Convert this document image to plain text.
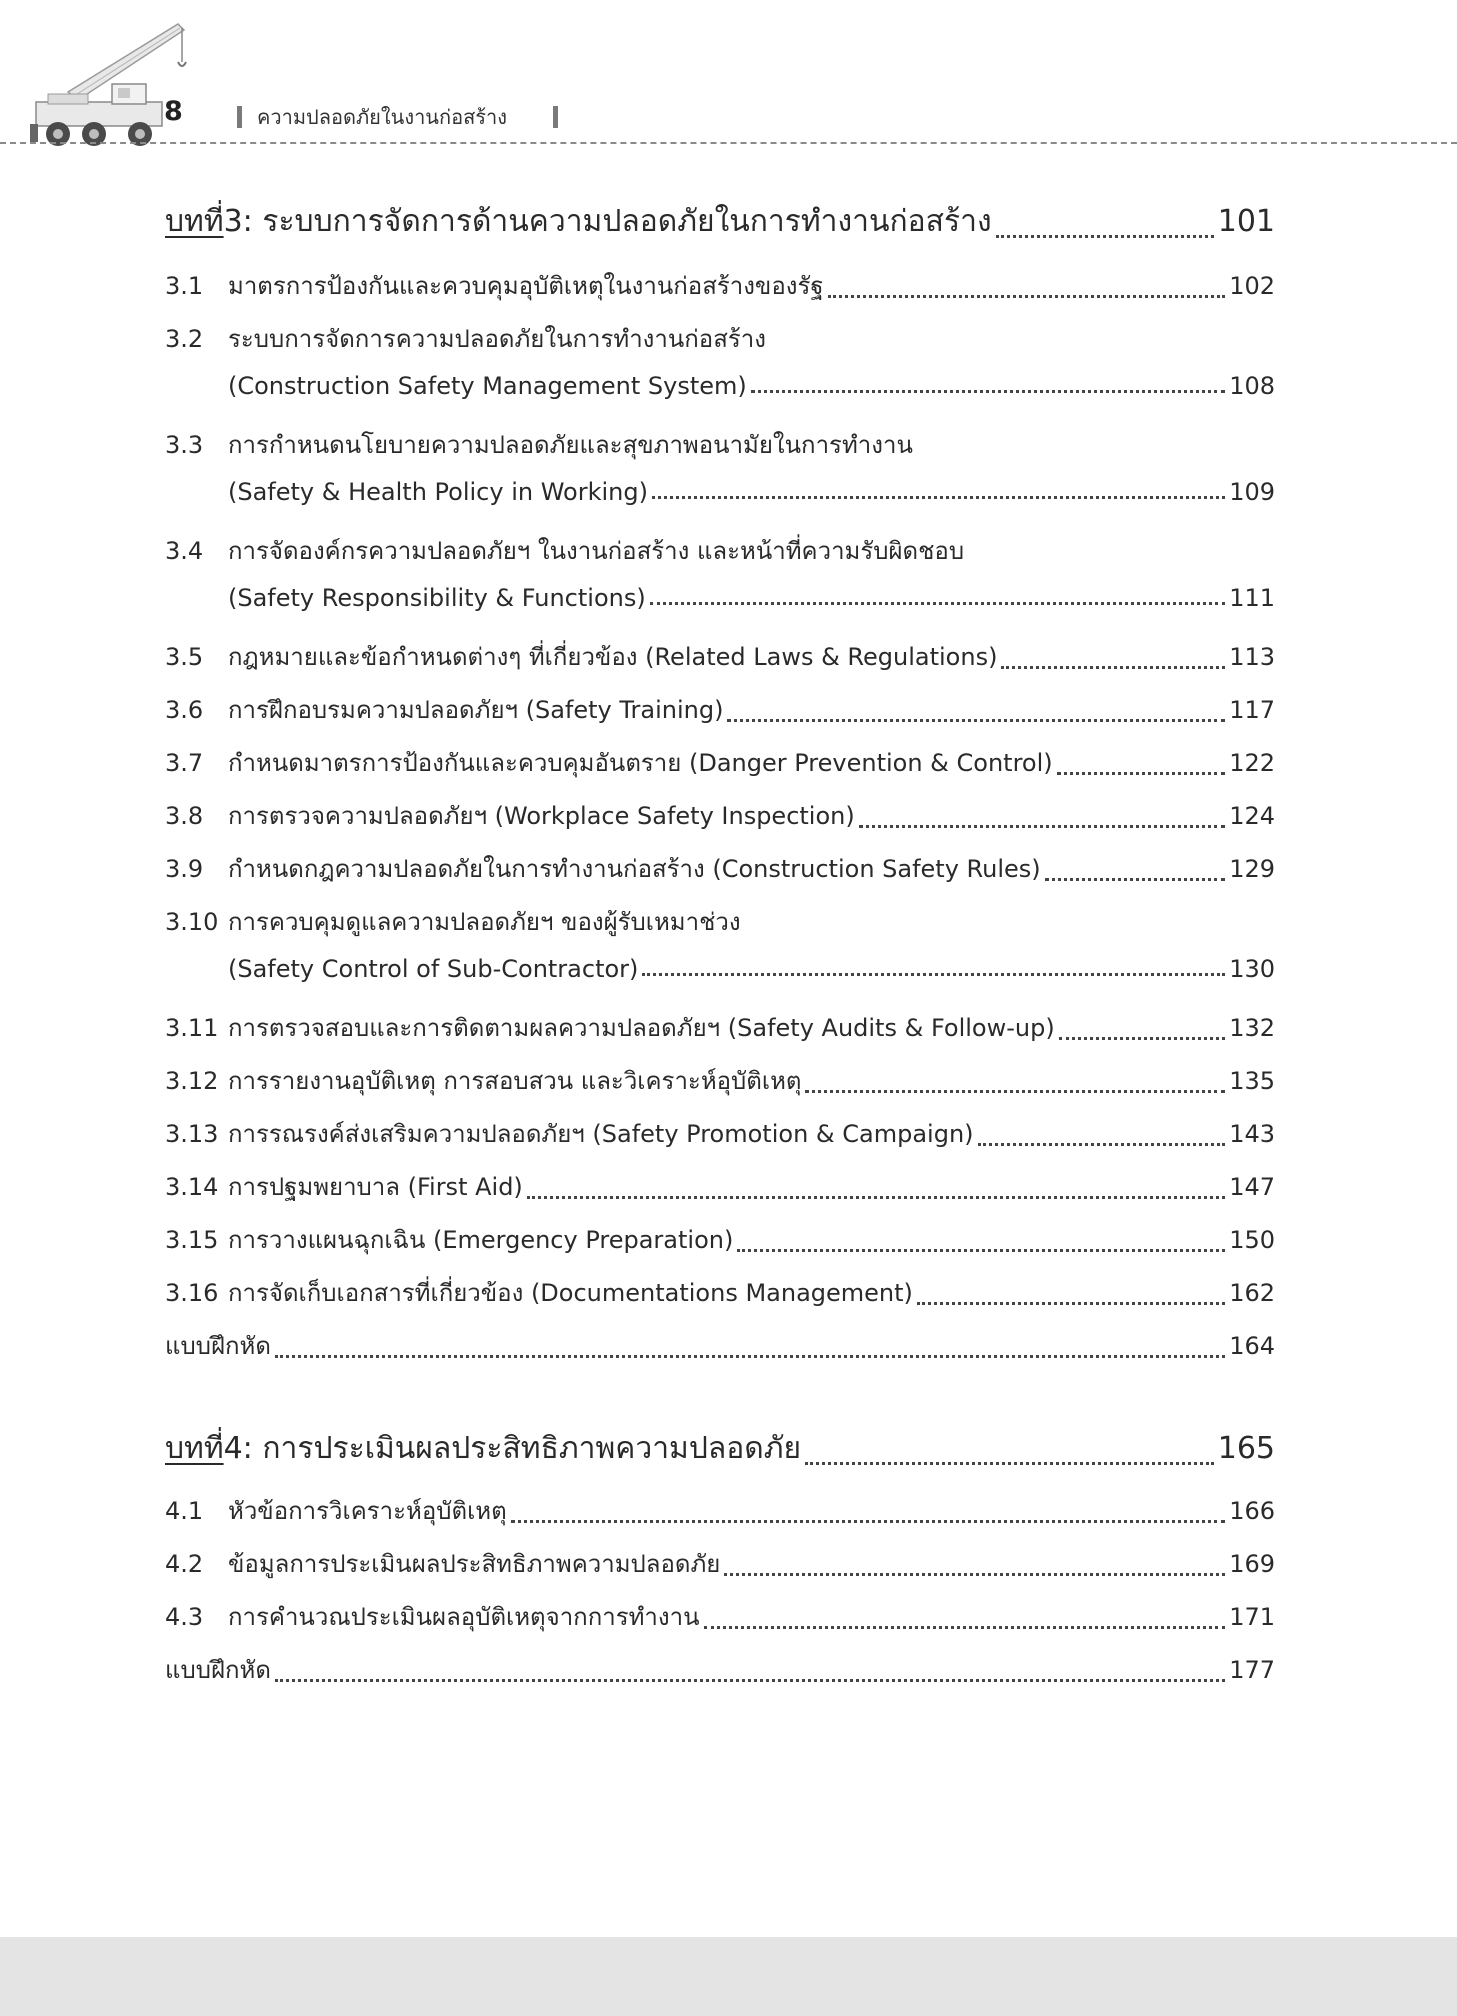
8	ความปลอดภัยในงานก่อสร้าง
บทที่ 3: ระบบการจัดการด้านความปลอดภัยในการทำงานก่อสร้าง	101
3.1	มาตรการป้องกันและควบคุมอุบัติเหตุในงานก่อสร้างของรัฐ	102
3.2	ระบบการจัดการความปลอดภัยในการทำงานก่อสร้าง
(Construction Safety Management System)	108
3.3	การกำหนดนโยบายความปลอดภัยและสุขภาพอนามัยในการทำงาน
(Safety & Health Policy in Working)	109
3.4	การจัดองค์กรความปลอดภัยฯ ในงานก่อสร้าง และหน้าที่ความรับผิดชอบ
(Safety Responsibility & Functions)	111
3.5	กฎหมายและข้อกำหนดต่างๆ ที่เกี่ยวข้อง (Related Laws & Regulations)	113
3.6	การฝึกอบรมความปลอดภัยฯ (Safety Training)	117
3.7	กำหนดมาตรการป้องกันและควบคุมอันตราย (Danger Prevention & Control)	122
3.8	การตรวจความปลอดภัยฯ (Workplace Safety Inspection)	124
3.9	กำหนดกฎความปลอดภัยในการทำงานก่อสร้าง (Construction Safety Rules)	129
3.10 การควบคุมดูแลความปลอดภัยฯ ของผู้รับเหมาช่วง
(Safety Control of Sub-Contractor)	130
3.11 การตรวจสอบและการติดตามผลความปลอดภัยฯ (Safety Audits & Follow-up)	132
3.12 การรายงานอุบัติเหตุ การสอบสวน และวิเคราะห์อุบัติเหตุ	135
3.13 การรณรงค์ส่งเสริมความปลอดภัยฯ (Safety Promotion & Campaign)	143
3.14 การปฐมพยาบาล (First Aid)	147
3.15 การวางแผนฉุกเฉิน (Emergency Preparation)	150
3.16 การจัดเก็บเอกสารที่เกี่ยวข้อง (Documentations Management)	162
แบบฝึกหัด	164
บทที่ 4: การประเมินผลประสิทธิภาพความปลอดภัย	165
4.1	หัวข้อการวิเคราะห์อุบัติเหตุ	166
4.2	ข้อมูลการประเมินผลประสิทธิภาพความปลอดภัย	169
4.3	การคำนวณประเมินผลอุบัติเหตุจากการทำงาน	171
แบบฝึกหัด	177
